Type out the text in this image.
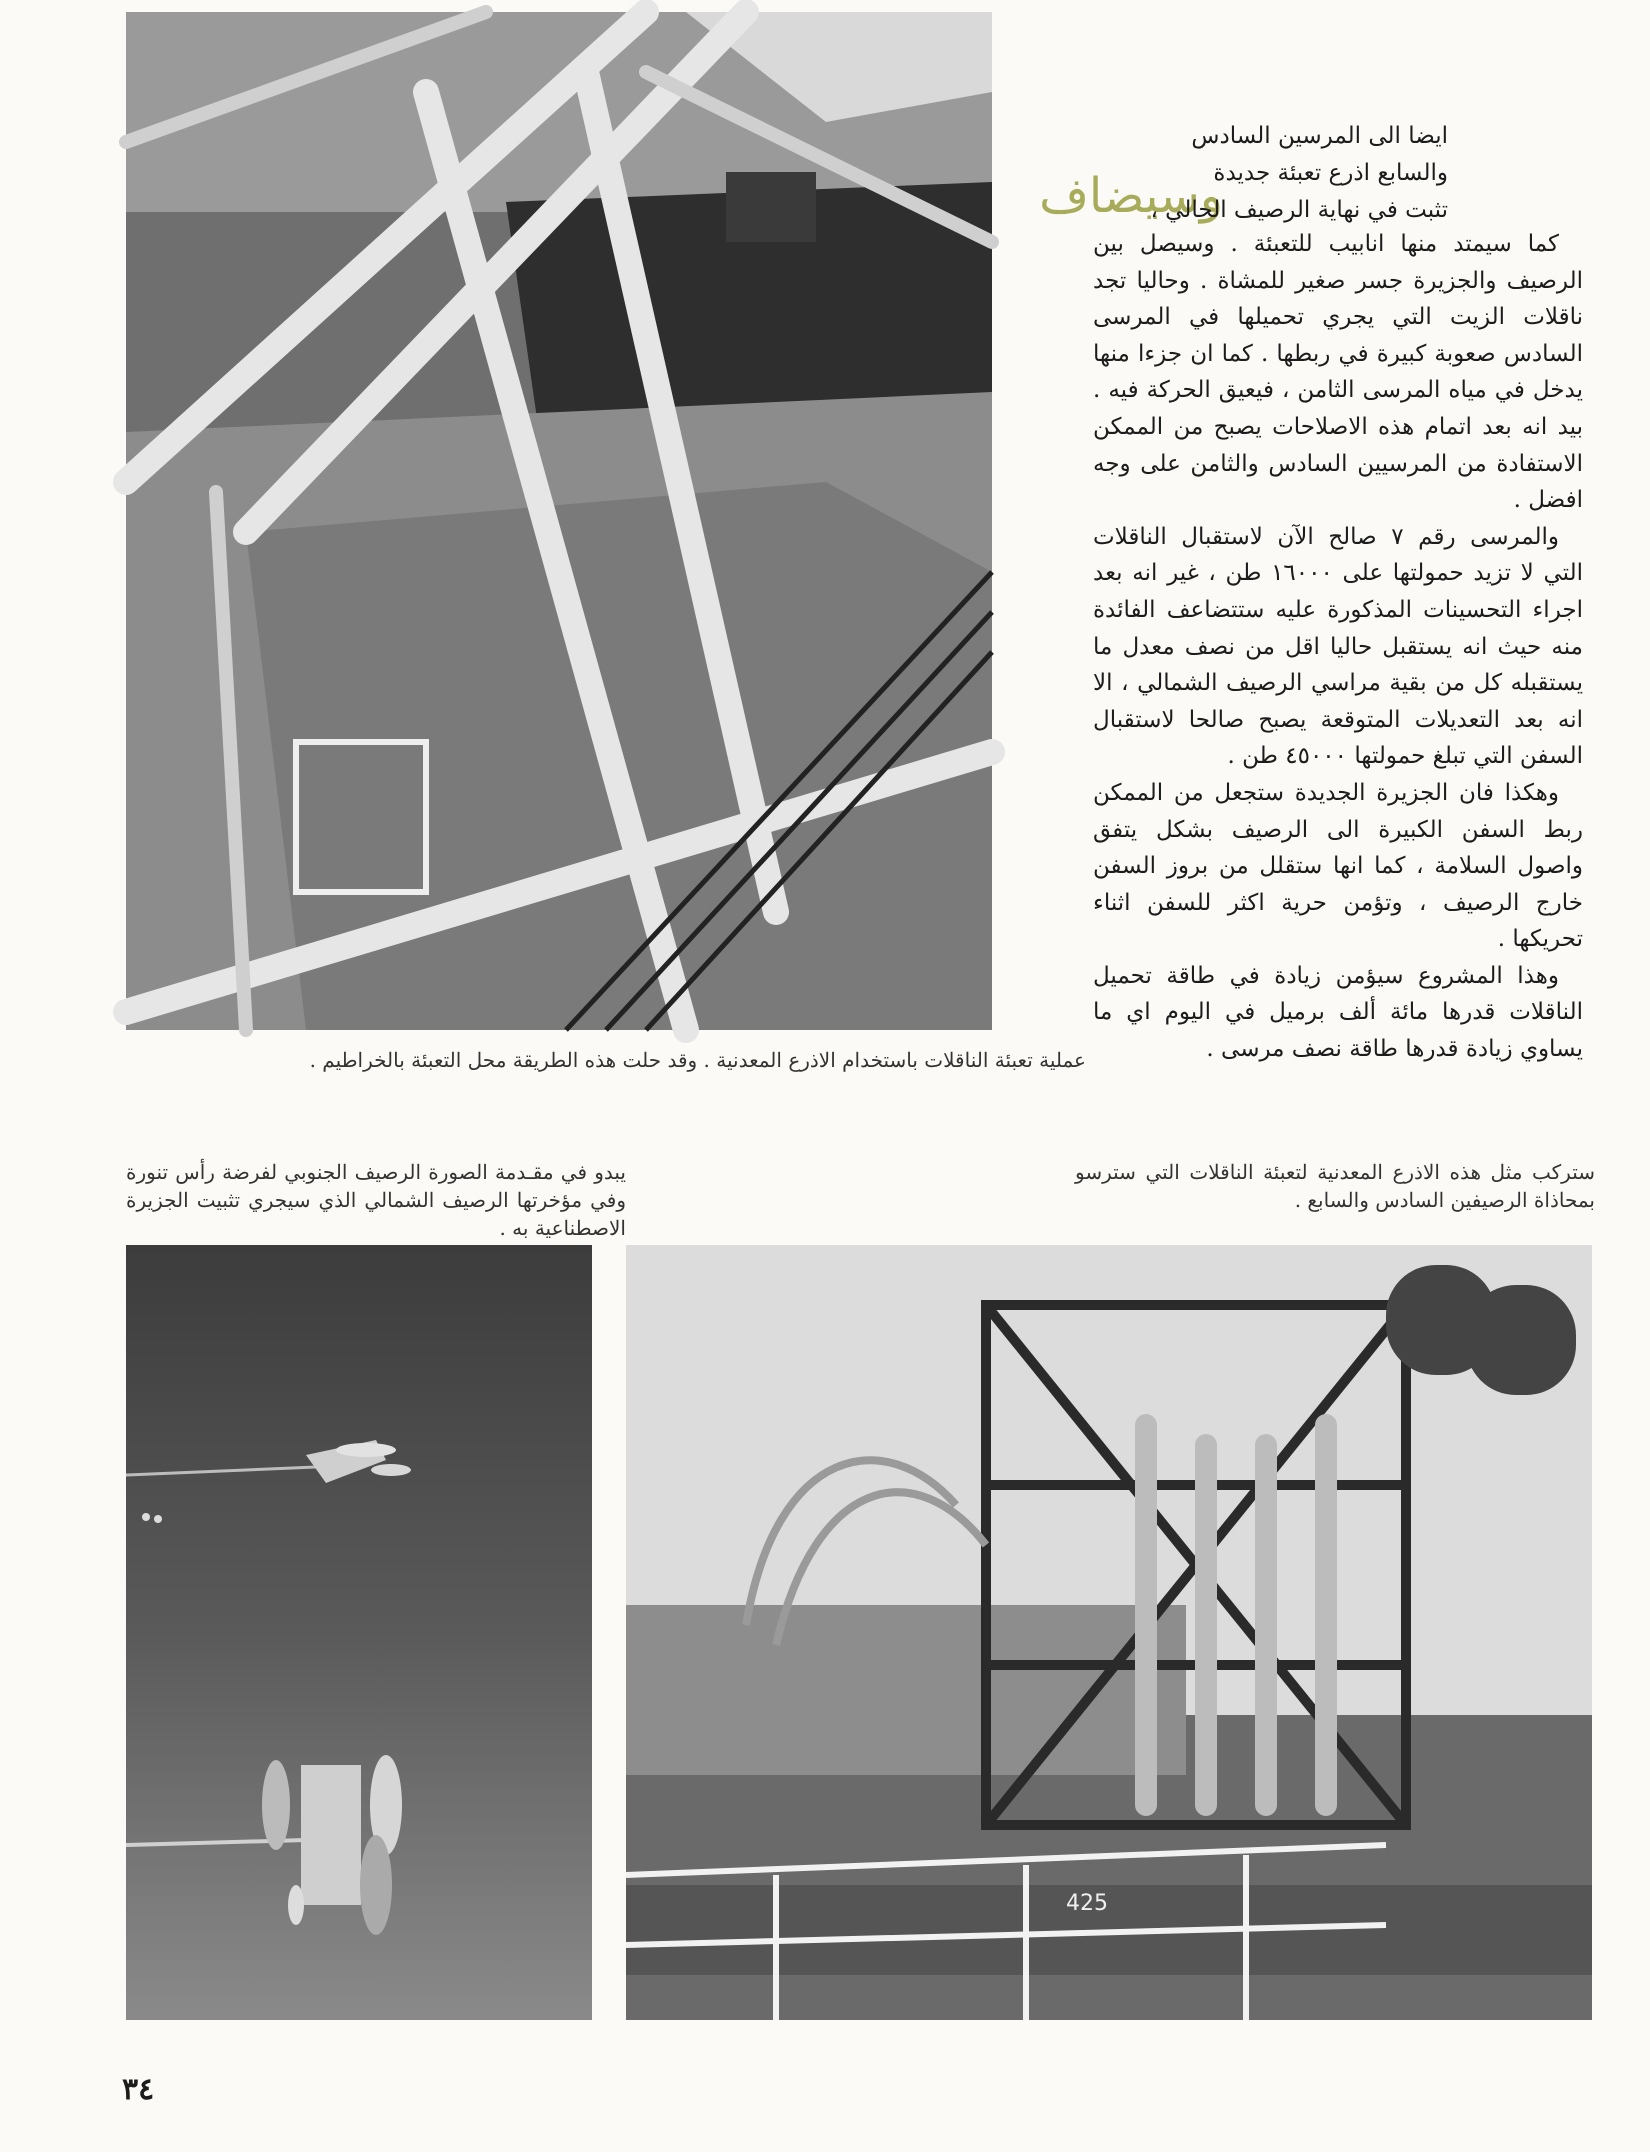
وسيضاف
ايضا الى المرسين السادس
والسابع اذرع تعبئة جديدة
تثبت في نهاية الرصيف الحالي ،

كما سيمتد منها انابيب للتعبئة . وسيصل بين الرصيف والجزيرة جسر صغير للمشاة . وحاليا تجد ناقلات الزيت التي يجري تحميلها في المرسى السادس صعوبة كبيرة في ربطها . كما ان جزءا منها يدخل في مياه المرسى الثامن ، فيعيق الحركة فيه . بيد انه بعد اتمام هذه الاصلاحات يصبح من الممكن الاستفادة من المرسيين السادس والثامن على وجه افضل .

والمرسى رقم ٧ صالح الآن لاستقبال الناقلات التي لا تزيد حمولتها على ١٦٠٠٠ طن ، غير انه بعد اجراء التحسينات المذكورة عليه ستتضاعف الفائدة منه حيث انه يستقبل حاليا اقل من نصف معدل ما يستقبله كل من بقية مراسي الرصيف الشمالي ، الا انه بعد التعديلات المتوقعة يصبح صالحا لاستقبال السفن التي تبلغ حمولتها ٤٥٠٠٠ طن .

وهكذا فان الجزيرة الجديدة ستجعل من الممكن ربط السفن الكبيرة الى الرصيف بشكل يتفق واصول السلامة ، كما انها ستقلل من بروز السفن خارج الرصيف ، وتؤمن حرية اكثر للسفن اثناء تحريكها .

وهذا المشروع سيؤمن زيادة في طاقة تحميل الناقلات قدرها مائة ألف برميل في اليوم اي ما يساوي زيادة قدرها طاقة نصف مرسى .

عملية تعبئة الناقلات باستخدام الاذرع المعدنية . وقد حلت هذه الطريقة محل التعبئة بالخراطيم .
ستركب مثل هذه الاذرع المعدنية لتعبئة الناقلات التي سترسو بمحاذاة الرصيفين السادس والسابع .
يبدو في مقـدمة الصورة الرصيف الجنوبي لفرضة رأس تنورة وفي مؤخرتها الرصيف الشمالي الذي سيجري تثبيت الجزيرة الاصطناعية به .
425
٣٤
